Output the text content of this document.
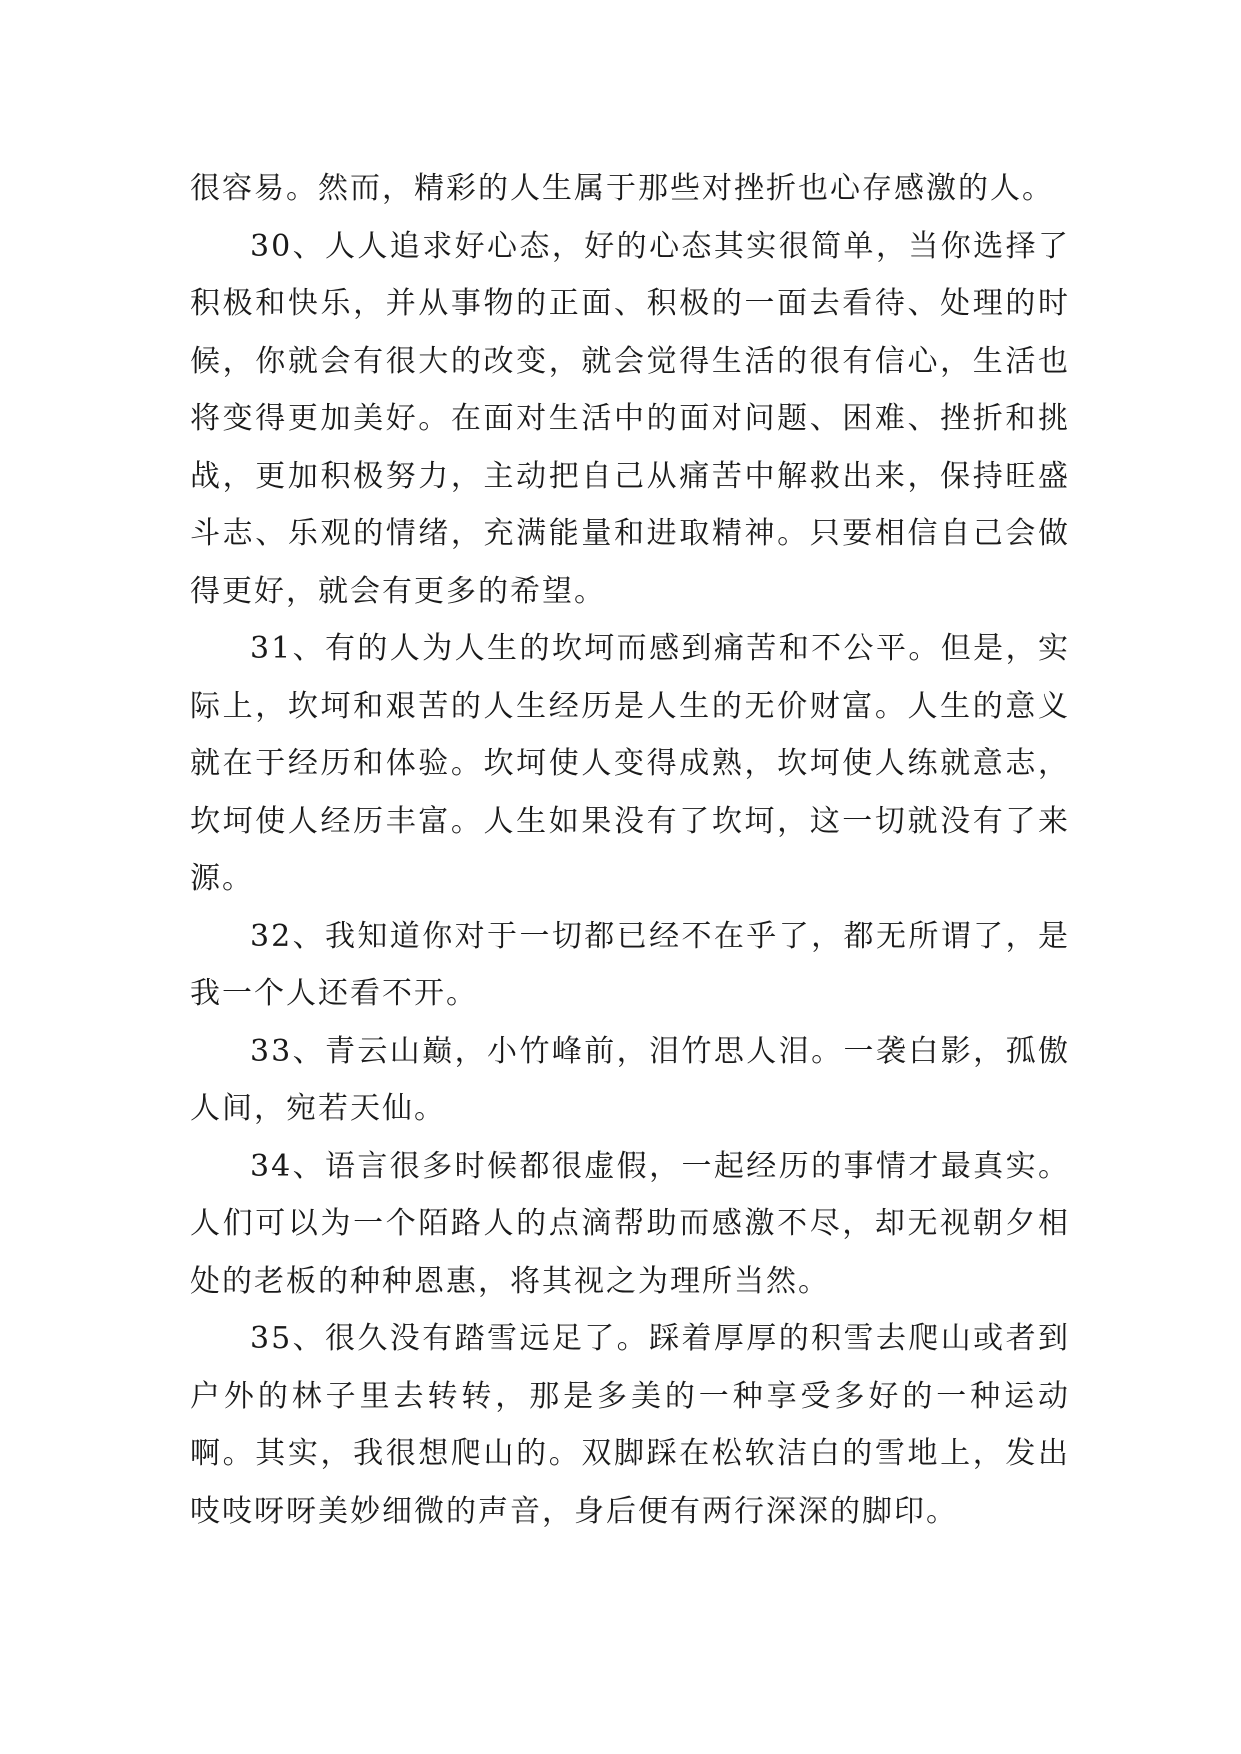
很容易。然而，精彩的人生属于那些对挫折也心存感激的人。

30、人人追求好心态，好的心态其实很简单，当你选择了积极和快乐，并从事物的正面、积极的一面去看待、处理的时候，你就会有很大的改变，就会觉得生活的很有信心，生活也将变得更加美好。在面对生活中的面对问题、困难、挫折和挑战，更加积极努力，主动把自己从痛苦中解救出来，保持旺盛斗志、乐观的情绪，充满能量和进取精神。只要相信自己会做得更好，就会有更多的希望。

31、有的人为人生的坎坷而感到痛苦和不公平。但是，实际上，坎坷和艰苦的人生经历是人生的无价财富。人生的意义就在于经历和体验。坎坷使人变得成熟，坎坷使人练就意志，坎坷使人经历丰富。人生如果没有了坎坷，这一切就没有了来源。

32、我知道你对于一切都已经不在乎了，都无所谓了，是我一个人还看不开。

33、青云山巅，小竹峰前，泪竹思人泪。一袭白影，孤傲人间，宛若天仙。

34、语言很多时候都很虚假，一起经历的事情才最真实。人们可以为一个陌路人的点滴帮助而感激不尽，却无视朝夕相处的老板的种种恩惠，将其视之为理所当然。

35、很久没有踏雪远足了。踩着厚厚的积雪去爬山或者到户外的林子里去转转，那是多美的一种享受多好的一种运动啊。其实，我很想爬山的。双脚踩在松软洁白的雪地上，发出吱吱呀呀美妙细微的声音，身后便有两行深深的脚印。
